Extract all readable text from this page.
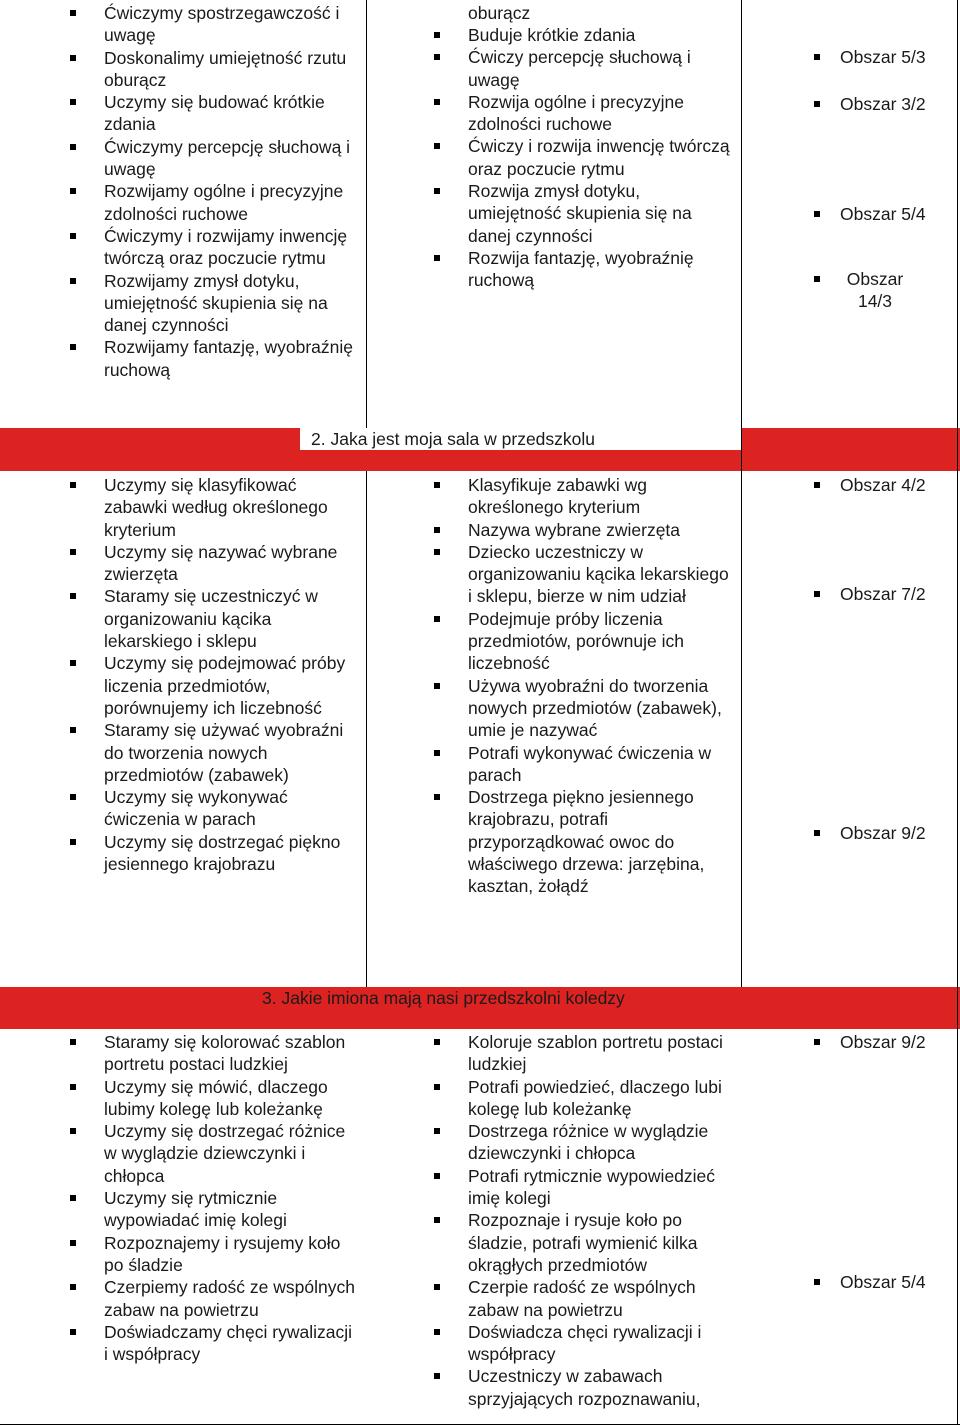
2. Jaka jest moja sala w przedszkolu
3. Jakie imiona mają nasi przedszkolni koledzy
Ćwiczymy spostrzegawczość i uwagę
Doskonalimy umiejętność rzutu oburącz
Uczymy się budować krótkie zdania
Ćwiczymy percepcję słuchową i uwagę
Rozwijamy ogólne i precyzyjne zdolności ruchowe
Ćwiczymy i rozwijamy inwencję twórczą oraz poczucie rytmu
Rozwijamy zmysł dotyku, umiejętność skupienia się na danej czynności
Rozwijamy fantazję, wyobraźnię ruchową
oburącz
Buduje krótkie zdania
Ćwiczy percepcję słuchową i uwagę
Rozwija ogólne i precyzyjne zdolności ruchowe
Ćwiczy i rozwija inwencję twórczą oraz poczucie rytmu
Rozwija zmysł dotyku, umiejętność skupienia się na danej czynności
Rozwija fantazję, wyobraźnię ruchową
Obszar 5/3
Obszar 3/2
Obszar 5/4
Obszar 14/3
Uczymy się klasyfikować zabawki według określonego kryterium
Uczymy się nazywać wybrane zwierzęta
Staramy się uczestniczyć w organizowaniu kącika lekarskiego i sklepu
Uczymy się podejmować próby liczenia przedmiotów, porównujemy ich liczebność
Staramy się używać wyobraźni do tworzenia nowych przedmiotów (zabawek)
Uczymy się wykonywać ćwiczenia w parach
Uczymy się dostrzegać piękno jesiennego krajobrazu
Klasyfikuje zabawki wg określonego kryterium
Nazywa wybrane zwierzęta
Dziecko uczestniczy w organizowaniu kącika lekarskiego i sklepu, bierze w nim udział
Podejmuje próby liczenia przedmiotów, porównuje ich liczebność
Używa wyobraźni do tworzenia nowych przedmiotów (zabawek), umie je nazywać
Potrafi wykonywać ćwiczenia w parach
Dostrzega piękno jesiennego krajobrazu, potrafi przyporządkować owoc do właściwego drzewa: jarzębina, kasztan, żołądź
Obszar 4/2
Obszar 7/2
Obszar 9/2
Staramy się kolorować szablon portretu postaci ludzkiej
Uczymy się mówić, dlaczego lubimy kolegę lub koleżankę
Uczymy się dostrzegać różnice w wyglądzie dziewczynki i chłopca
Uczymy się rytmicznie wypowiadać imię kolegi
Rozpoznajemy i rysujemy koło po śladzie
Czerpiemy radość ze wspólnych zabaw na powietrzu
Doświadczamy chęci rywalizacji i współpracy
Koloruje szablon portretu postaci ludzkiej
Potrafi powiedzieć, dlaczego lubi kolegę lub koleżankę
Dostrzega różnice w wyglądzie dziewczynki i chłopca
Potrafi rytmicznie wypowiedzieć imię kolegi
Rozpoznaje i rysuje koło po śladzie, potrafi wymienić kilka okrągłych przedmiotów
Czerpie radość ze wspólnych zabaw na powietrzu
Doświadcza chęci rywalizacji i współpracy
Uczestniczy w zabawach sprzyjających rozpoznawaniu,
Obszar 9/2
Obszar 5/4
